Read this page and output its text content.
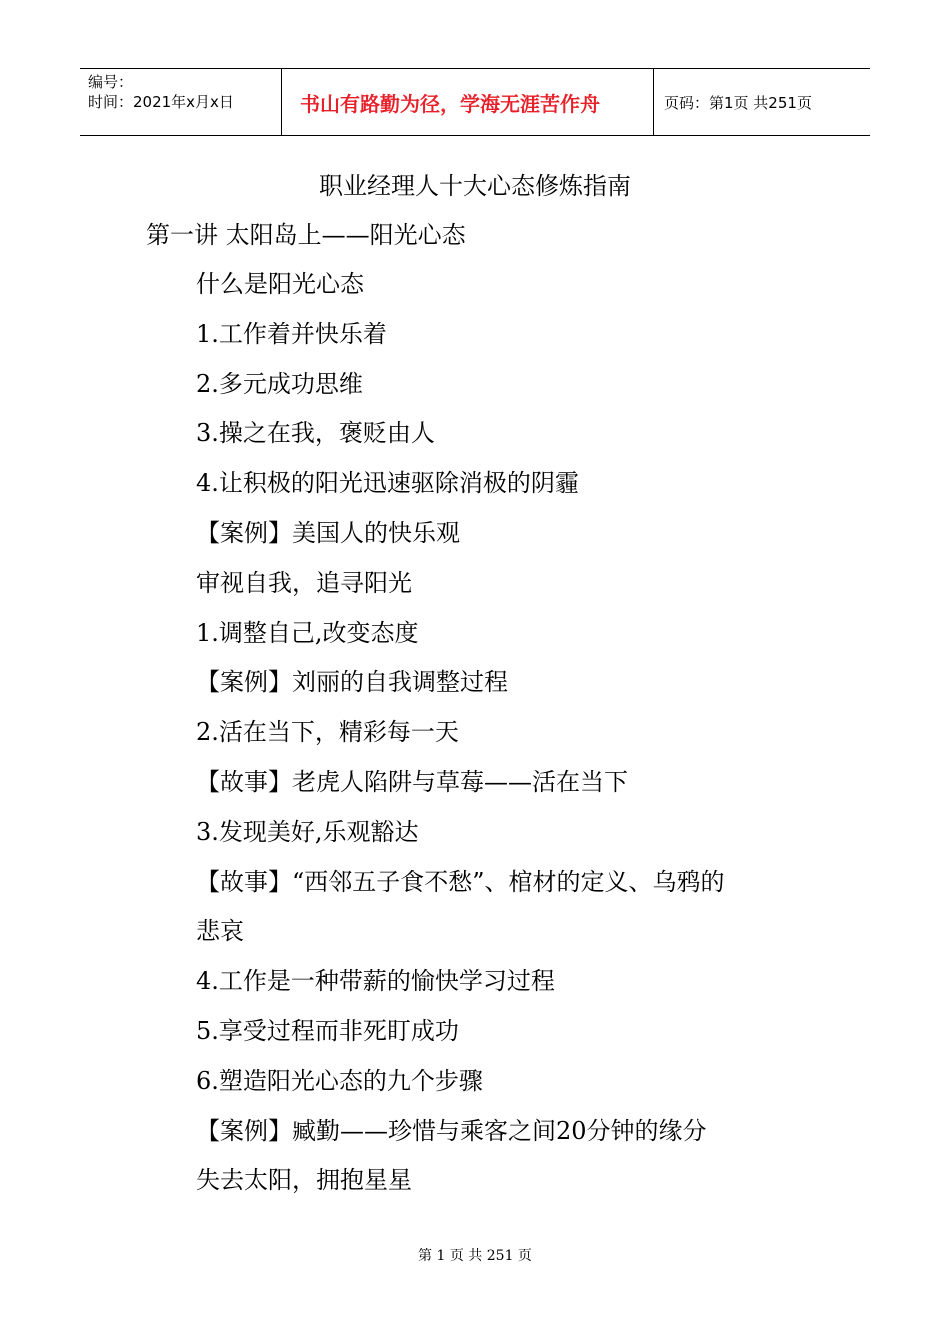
编号：
时间：2021年x月x日	书山有路勤为径，学海无涯苦作舟	页码：第1页 共251页
职业经理人十大心态修炼指南
第一讲 太阳岛上——阳光心态
什么是阳光心态
1.工作着并快乐着
2.多元成功思维
3.操之在我，褒贬由人
4.让积极的阳光迅速驱除消极的阴霾
【案例】美国人的快乐观
审视自我，追寻阳光
1.调整自己,改变态度
【案例】刘丽的自我调整过程
2.活在当下，精彩每一天
【故事】老虎人陷阱与草莓——活在当下
3.发现美好,乐观豁达
【故事】“西邻五子食不愁”、棺材的定义、乌鸦的
悲哀
4.工作是一种带薪的愉快学习过程
5.享受过程而非死盯成功
6.塑造阳光心态的九个步骤
【案例】臧勤——珍惜与乘客之间20分钟的缘分
失去太阳，拥抱星星
第 1 页 共 251 页
